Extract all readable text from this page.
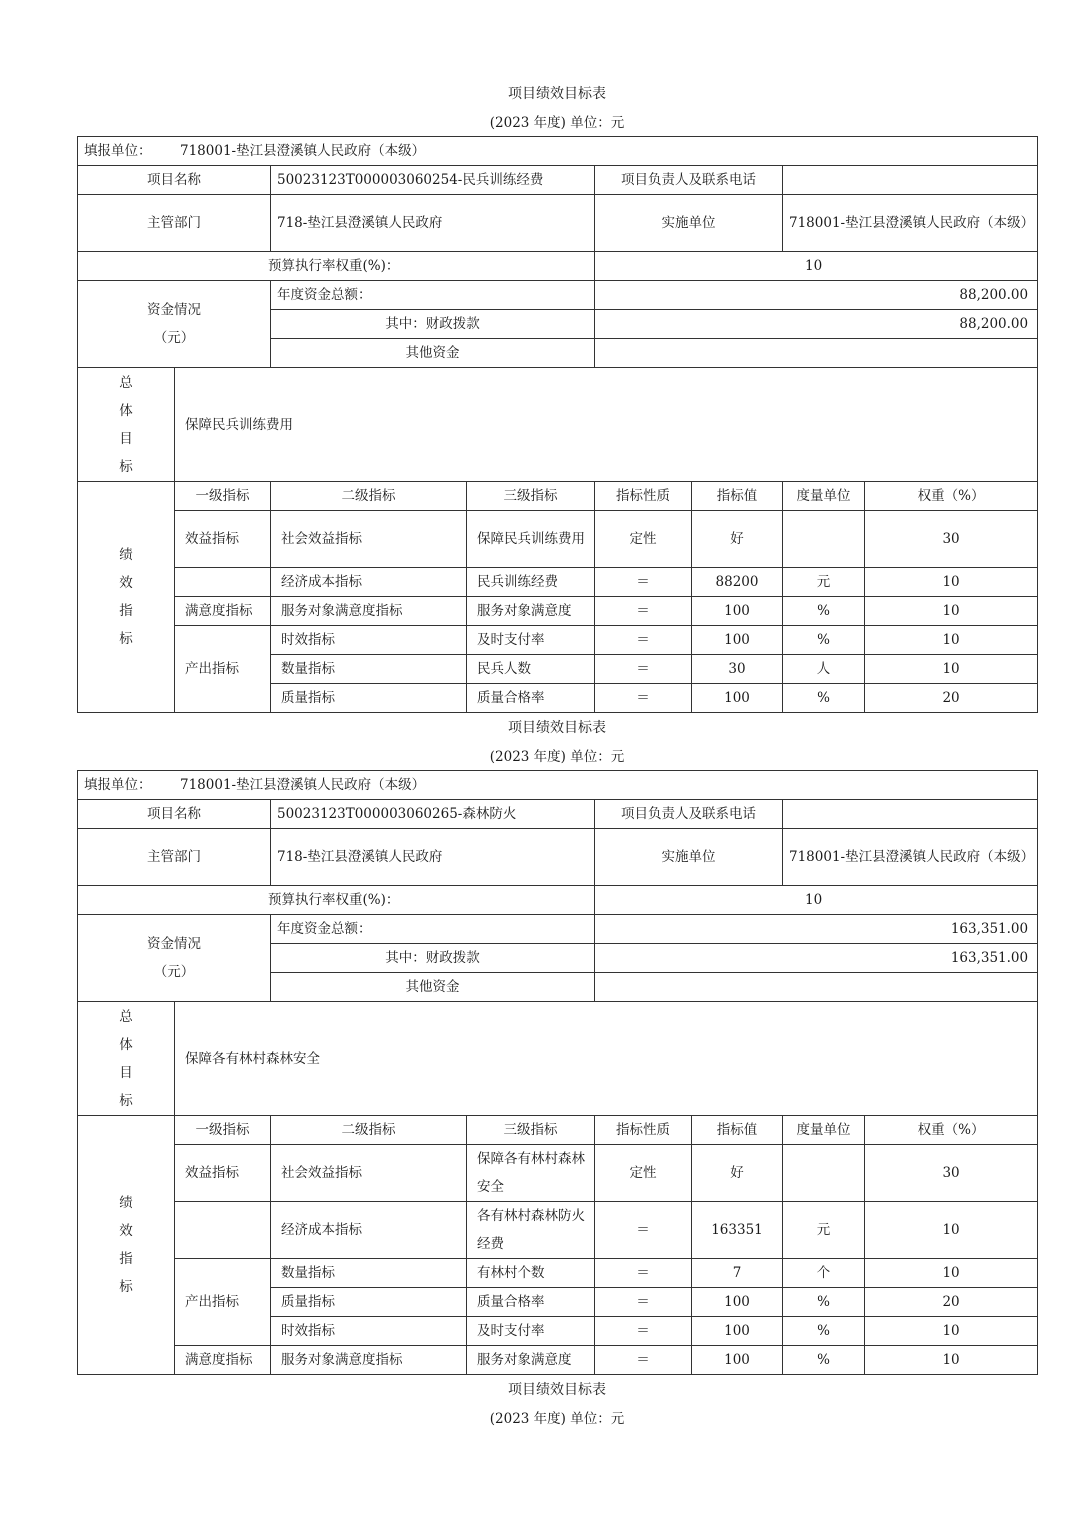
项目绩效目标表
(2023 年度) 单位：元
填报单位： 718001-垫江县澄溪镇人民政府（本级）							
项目名称		50023123T000003060254-民兵训练经费		项目负责人及联系电话			
主管部门		718-垫江县澄溪镇人民政府		实施单位		718001-垫江县澄溪镇人民政府（本级）	
预算执行率权重(%)：				10			

资金情况
（元）		年度资金总额：		88,200.00			
		其中：财政拨款		88,200.00			
		其他资金					

总
体
目
标	保障民兵训练费用						

绩
效
指
标	一级指标	二级指标	三级指标	指标性质	指标值	度量单位	权重（%）
	效益指标	社会效益指标	保障民兵训练费用	定性	好		30
		经济成本指标	民兵训练经费	＝	88200	元	10
	满意度指标	服务对象满意度指标	服务对象满意度	＝	100	%	10
	产出指标	时效指标	及时支付率	＝	100	%	10
		数量指标	民兵人数	＝	30	人	10
		质量指标	质量合格率	＝	100	%	20
项目绩效目标表
(2023 年度) 单位：元
填报单位： 718001-垫江县澄溪镇人民政府（本级）							
项目名称		50023123T000003060265-森林防火		项目负责人及联系电话			
主管部门		718-垫江县澄溪镇人民政府		实施单位		718001-垫江县澄溪镇人民政府（本级）	
预算执行率权重(%)：				10			

资金情况
（元）		年度资金总额：		163,351.00			
		其中：财政拨款		163,351.00			
		其他资金					

总
体
目
标	保障各有林村森林安全						

绩
效
指
标	一级指标	二级指标	三级指标	指标性质	指标值	度量单位	权重（%）
	效益指标	社会效益指标	保障各有林村森林安全	定性	好		30
		经济成本指标	各有林村森林防火经费	＝	163351	元	10
	产出指标	数量指标	有林村个数	＝	7	个	10
		质量指标	质量合格率	＝	100	%	20
		时效指标	及时支付率	＝	100	%	10
	满意度指标	服务对象满意度指标	服务对象满意度	＝	100	%	10
项目绩效目标表
(2023 年度) 单位：元
